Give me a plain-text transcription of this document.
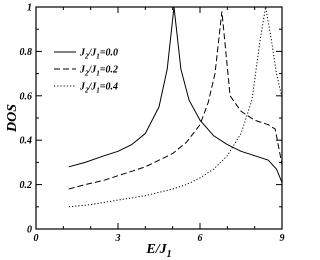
0	3	6	9
0
0.2
0.4
0.6
0.8
1
DOS
$E/J_1$
$J_2/J_1=0.0$
$J_2/J_1=0.2$
$J_2/J_1=0.4$
